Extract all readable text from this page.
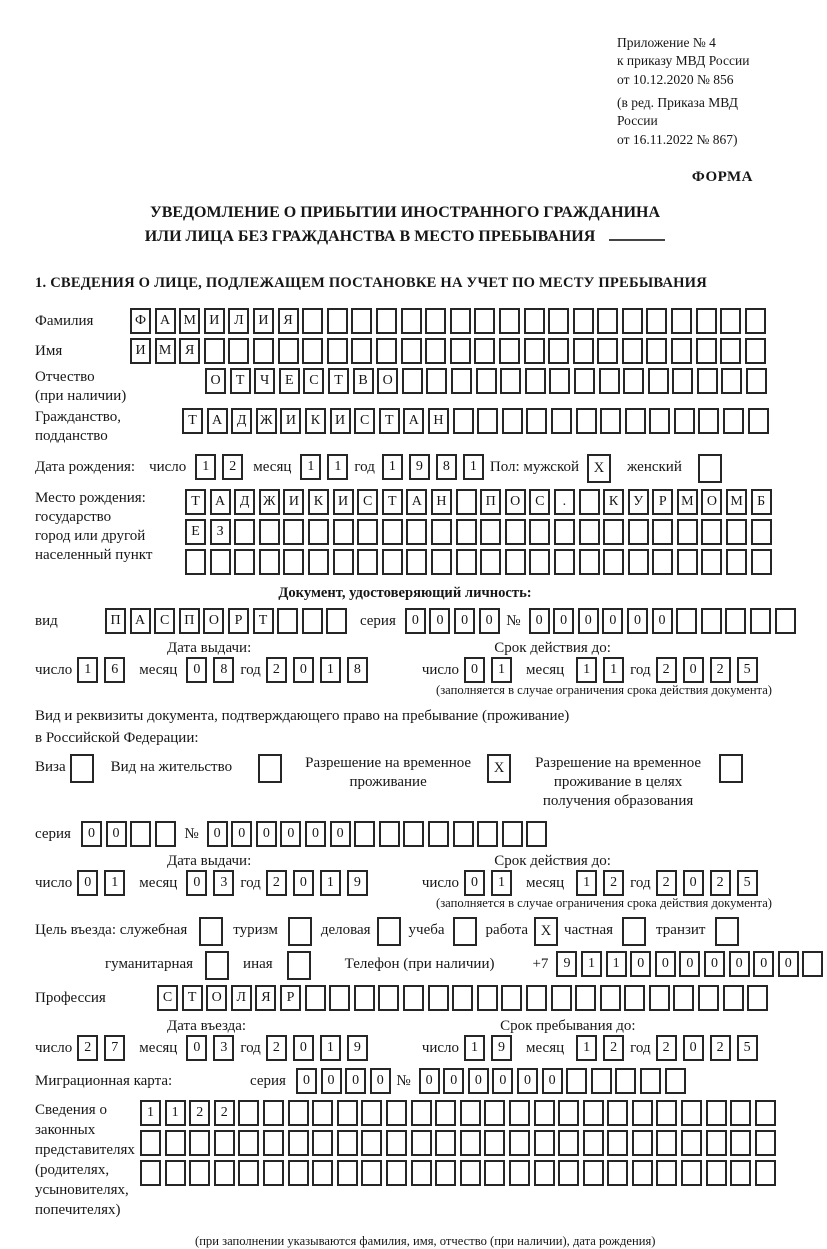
Приложение № 4
к приказу МВД России
от 10.12.2020 № 856
(в ред. Приказа МВД России
от 16.11.2022 № 867)
ФОРМА
УВЕДОМЛЕНИЕ О ПРИБЫТИИ ИНОСТРАННОГО ГРАЖДАНИНА
ИЛИ ЛИЦА БЕЗ ГРАЖДАНСТВА В МЕСТО ПРЕБЫВАНИЯ
1. СВЕДЕНИЯ О ЛИЦЕ, ПОДЛЕЖАЩЕМ ПОСТАНОВКЕ НА УЧЕТ ПО МЕСТУ ПРЕБЫВАНИЯ
Фамилия	Ф	А М И	Л	И	Я
Имя	И М Я
Отчество
(при наличии)
О	Т	Ч	Е	С	Т	В	О
Гражданство,
подданство
Т	А	Д Ж И	К	И	С	Т	А	Н
Дата рождения: число	1	2	месяц	1	1 год	1	9	8	1 Пол: мужской	X	женский
Место рождения:
государство
город или другой
населенный пункт
Т	А	Д Ж И	К	И	С	Т	А	Н	П	О	С	.	К	У	Р	М О М	Б
Е	З
Документ, удостоверяющий личность:
вид	П	А	С	П	О	Р	Т	серия	0	0	0	0 №	0	0	0	0	0	0
Дата выдачи:	Срок действия до:
число 1	6	месяц	0	8 год 2	0	1	8	число 0	1	месяц	1	1 год 2	0	2	5
(заполняется в случае ограничения срока действия документа)
Вид и реквизиты документа, подтверждающего право на пребывание (проживание)
в Российской Федерации:
Виза	Вид на жительство	Разрешение на временное
проживание
X	Разрешение на временное
проживание в целях
получения образования
серия	0	0	№	0	0	0	0	0	0
Дата выдачи:	Срок действия до:
число 0	1	месяц	0	3 год 2	0	1	9	число 0	1	месяц	1	2 год 2	0	2	5
(заполняется в случае ограничения срока действия документа)
Цель въезда: служебная	туризм	деловая	учеба	работа X частная	транзит
гуманитарная	иная	Телефон (при наличии)	+7	9	1	1	0	0	0	0	0	0	0
Профессия	С	Т	О	Л	Я	Р
Дата въезда:	Срок пребывания до:
число 2	7	месяц	0	3 год 2	0	1	9	число 1	9	месяц	1	2 год 2	0	2	5
Миграционная карта:	серия	0	0	0	0 №	0	0	0	0	0	0
Сведения о
законных
представителях
(родителях,
усыновителях,
попечителях)
1	1	2	2
(при заполнении указываются фамилия, имя, отчество (при наличии), дата рождения)
